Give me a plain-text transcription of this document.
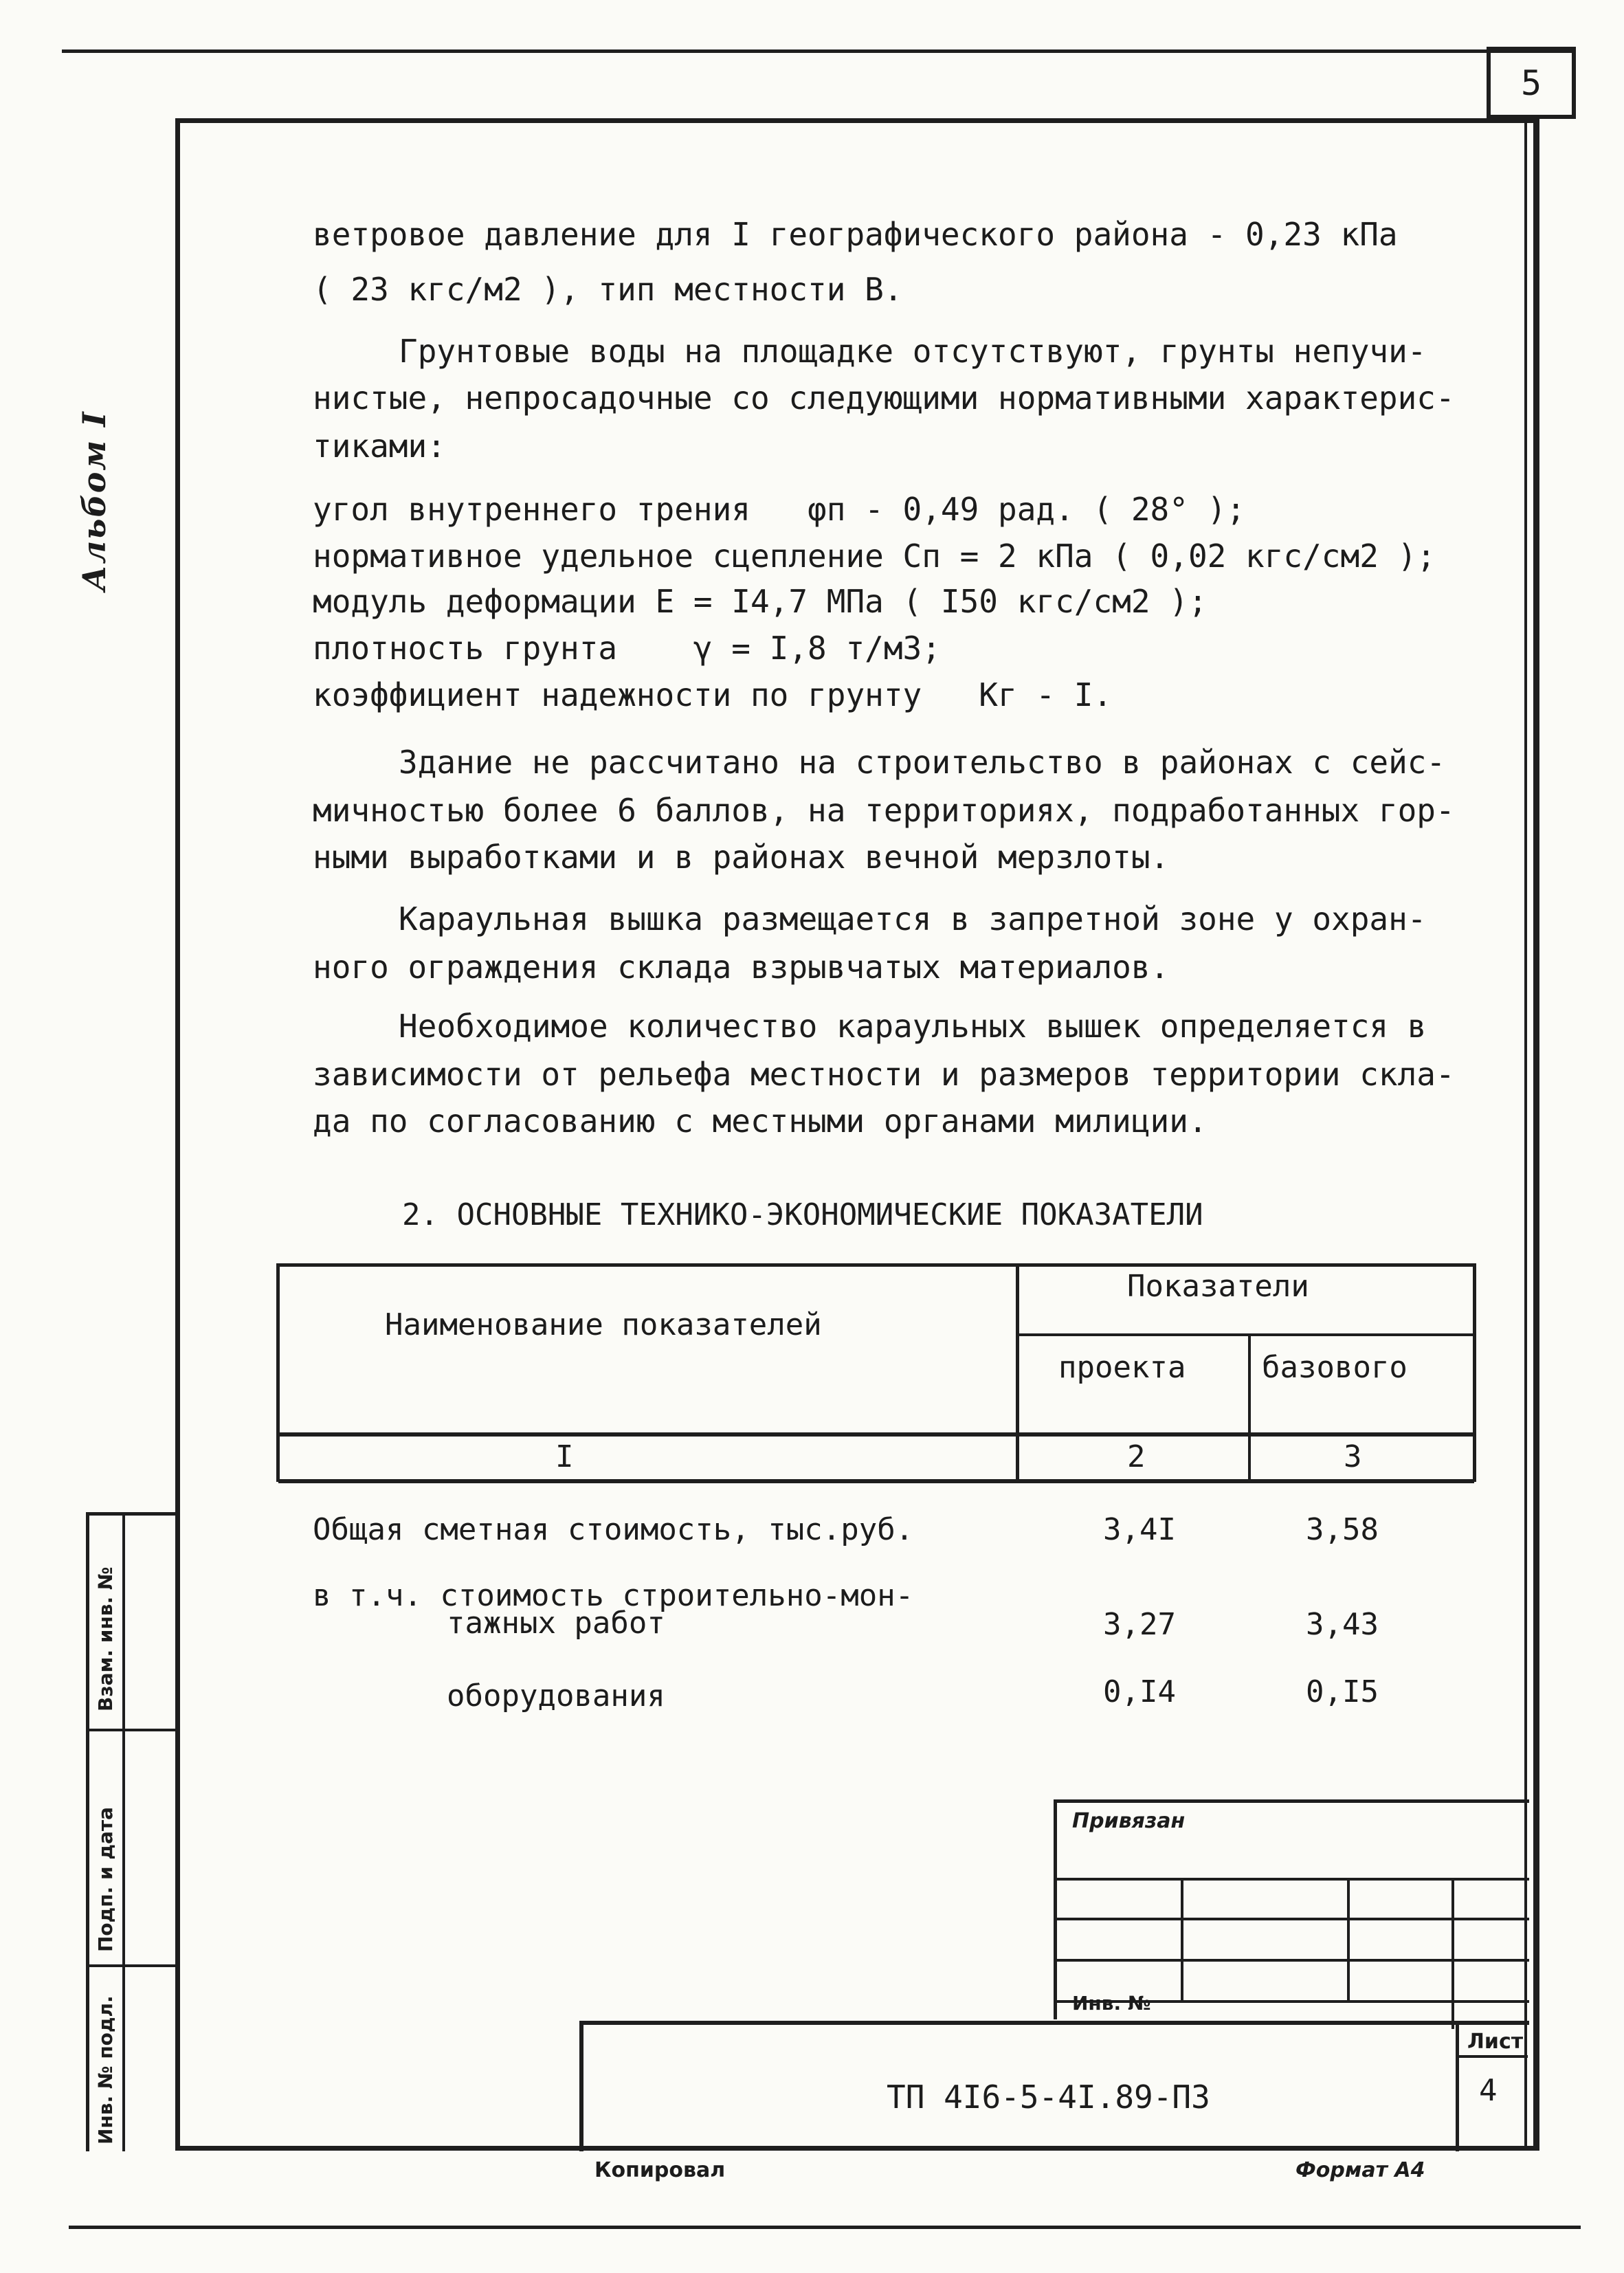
5
Альбом I
ветровое давление для I географического района - 0,23 кПа
( 23 кгс/м2 ), тип местности В.
Грунтовые воды на площадке отсутствуют, грунты непучи-
нистые, непросадочные со следующими нормативными характерис-
тиками:
угол внутреннего трения   φп - 0,49 рад. ( 28° );
нормативное удельное сцепление Сп = 2 кПа ( 0,02 кгс/см2 );
модуль деформации Е = I4,7 МПа ( I50 кгс/см2 );
плотность грунта    γ = I,8 т/м3;
коэффициент надежности по грунту   Кг - I.
Здание не рассчитано на строительство в районах с сейс-
мичностью более 6 баллов, на территориях, подработанных гор-
ными выработками и в районах вечной мерзлоты.
Караульная вышка размещается в запретной зоне у охран-
ного ограждения склада взрывчатых материалов.
Необходимое количество караульных вышек определяется в
зависимости от рельефа местности и размеров территории скла-
да по согласованию с местными органами милиции.
2. ОСНОВНЫЕ ТЕХНИКО-ЭКОНОМИЧЕСКИЕ ПОКАЗАТЕЛИ
Наименование показателей
Показатели
проекта	базового
I	2	3
Общая сметная стоимость, тыс.руб.	3,4I	3,58
в т.ч. стоимость строительно-мон-
тажных работ	3,27	3,43
оборудования	0,I4	0,I5
Взам. инв. №
Подп. и дата
Инв. № подл.
Привязан
Инв. №
ТП 4I6-5-4I.89-ПЗ
Лист
4
Копировал	Формат А4
